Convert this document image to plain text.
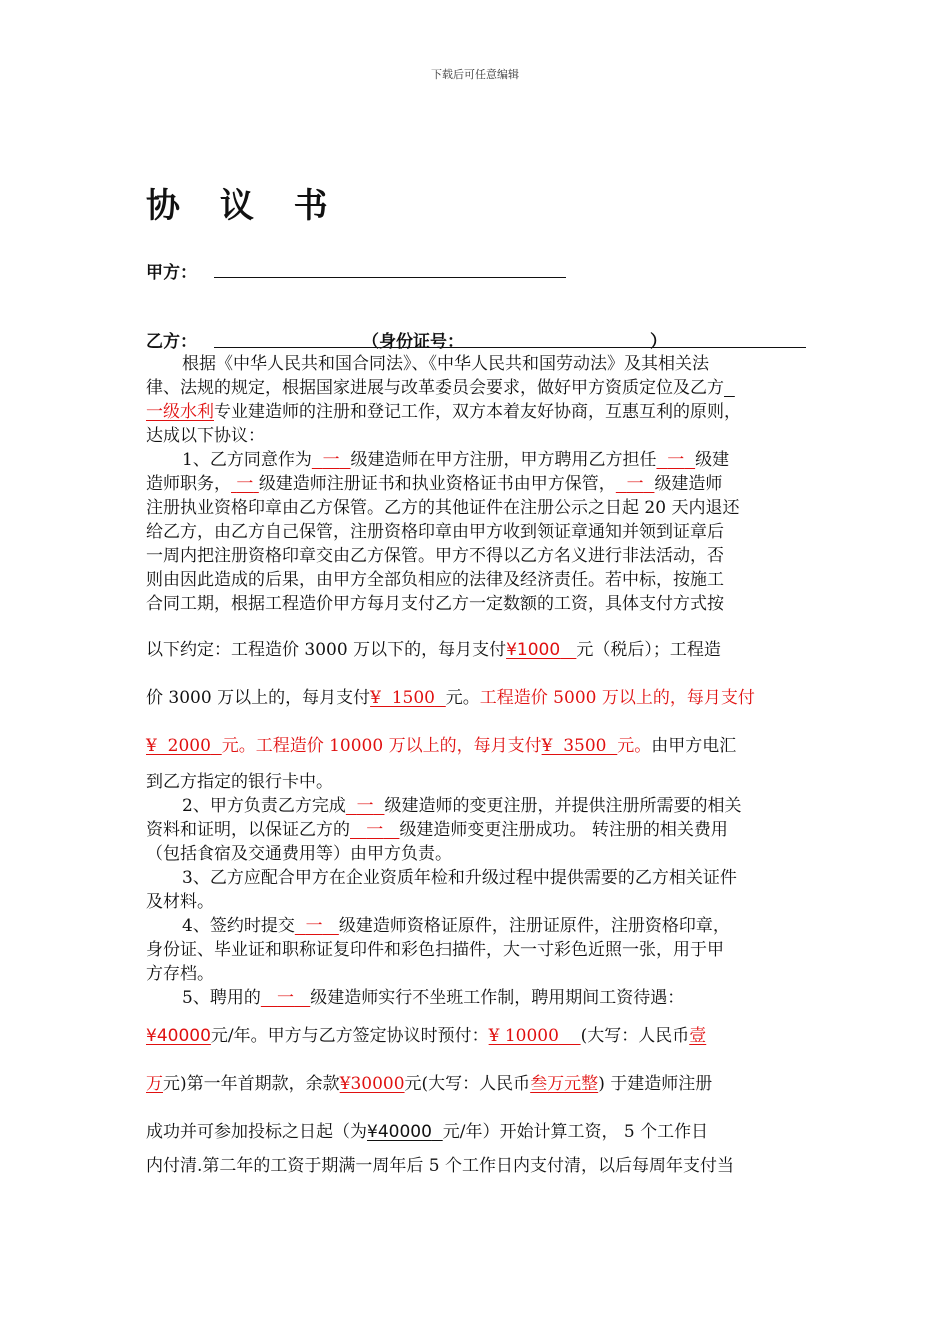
下载后可任意编辑
协 议 书
甲方：
乙方：	（身份证号：	）
根据《中华人民共和国合同法》、《中华人民共和国劳动法》及其相关法
律、法规的规定，根据国家进展与改革委员会要求，做好甲方资质定位及乙方

一级水利 专业建造师的注册和登记工作，双方本着友好协商，互惠互利的原则，
达成以下协议：
1、乙方同意作为 一 级建造师在甲方注册，甲方聘用乙方担任 一 级建
造师职务， 一 级建造师注册证书和执业资格证书由甲方保管， 一 级建造师
注册执业资格印章由乙方保管。乙方的其他证件在注册公示之日起 20 天内退还
给乙方，由乙方自己保管，注册资格印章由甲方收到领证章通知并领到证章后
一周内把注册资格印章交由乙方保管。甲方不得以乙方名义进行非法活动，否
则由因此造成的后果，由甲方全部负相应的法律及经济责任。若中标，按施工
合同工期，根据工程造价甲方每月支付乙方一定数额的工资，具体支付方式按
以下约定：工程造价 3000 万以下的，每月支付 ¥1000 元（税后）；工程造
价 3000 万以上的，每月支付 ¥  1500 元。 工程造价 5000 万以上的，每月支付
¥  2000 元。工程造价 10000 万以上的，每月支付 ¥  3500 元。 由甲方电汇
到乙方指定的银行卡中。
2、甲方负责乙方完成 一 级建造师的变更注册，并提供注册所需要的相关
资料和证明，以保证乙方的 一 级建造师变更注册成功。 转注册的相关费用
（包括食宿及交通费用等）由甲方负责。
3、乙方应配合甲方在企业资质年检和升级过程中提供需要的乙方相关证件
及材料。
4、签约时提交 一 级建造师资格证原件，注册证原件，注册资格印章，
身份证、毕业证和职称证复印件和彩色扫描件，大一寸彩色近照一张，用于甲
方存档。
5、聘用的 一 级建造师实行不坐班工作制，聘用期间工资待遇：
¥40000 元/年。甲方与乙方签定协议时预付： ¥ 10000	(大写：人民币 壹
万 元)第一年首期款，余款 ¥30000 元(大写：人民币 叁万元整 ) 于建造师注册
成功并可参加投标之日起（为 ¥40000 元/年）开始计算工资， 5 个工作日
内付清.第二年的工资于期满一周年后 5 个工作日内支付清，以后每周年支付当
